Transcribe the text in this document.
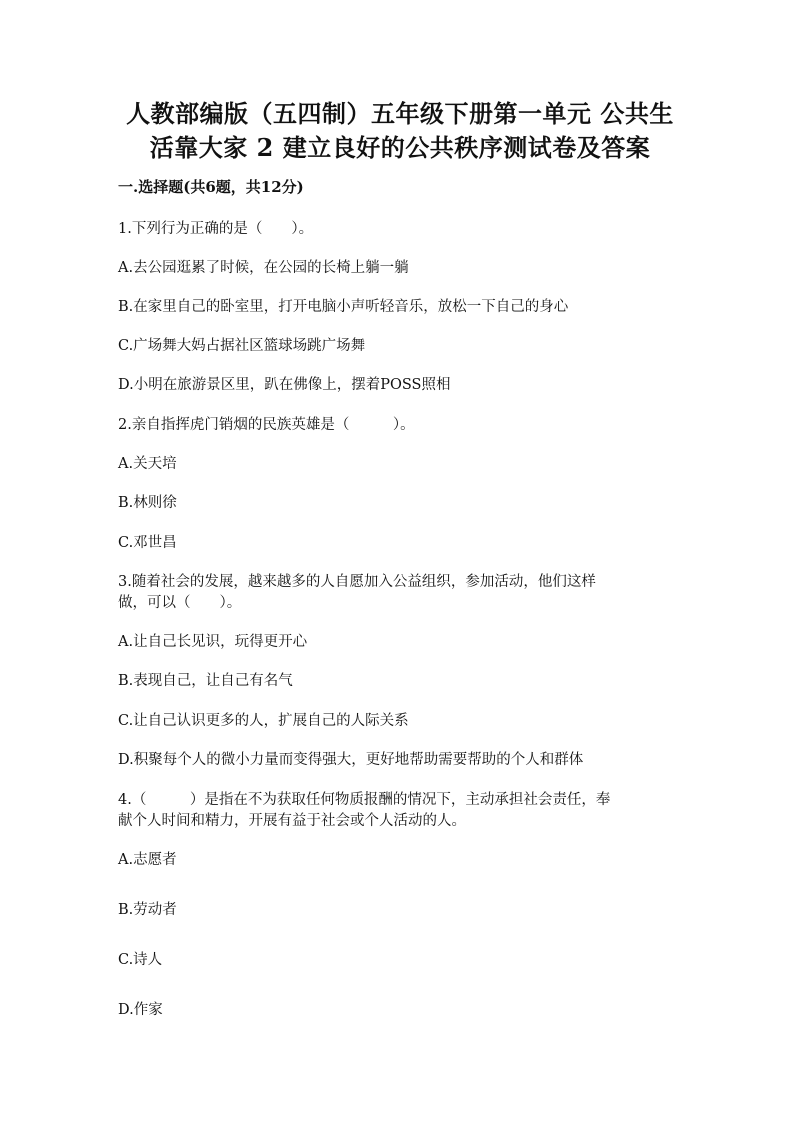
人教部编版（五四制）五年级下册第一单元 公共生
活靠大家 2 建立良好的公共秩序测试卷及答案
一.选择题(共6题，共12分)
1.下列行为正确的是（　　）。
A.去公园逛累了时候，在公园的长椅上躺一躺
B.在家里自己的卧室里，打开电脑小声听轻音乐，放松一下自己的身心
C.广场舞大妈占据社区篮球场跳广场舞
D.小明在旅游景区里，趴在佛像上，摆着POSS照相
2.亲自指挥虎门销烟的民族英雄是（　　　）。
A.关天培
B.林则徐
C.邓世昌
3.随着社会的发展，越来越多的人自愿加入公益组织，参加活动，他们这样
做，可以（　　）。
A.让自己长见识，玩得更开心
B.表现自己，让自己有名气
C.让自己认识更多的人，扩展自己的人际关系
D.积聚每个人的微小力量而变得强大，更好地帮助需要帮助的个人和群体
4.（　　　）是指在不为获取任何物质报酬的情况下，主动承担社会责任，奉
献个人时间和精力，开展有益于社会或个人活动的人。
A.志愿者
B.劳动者
C.诗人
D.作家
